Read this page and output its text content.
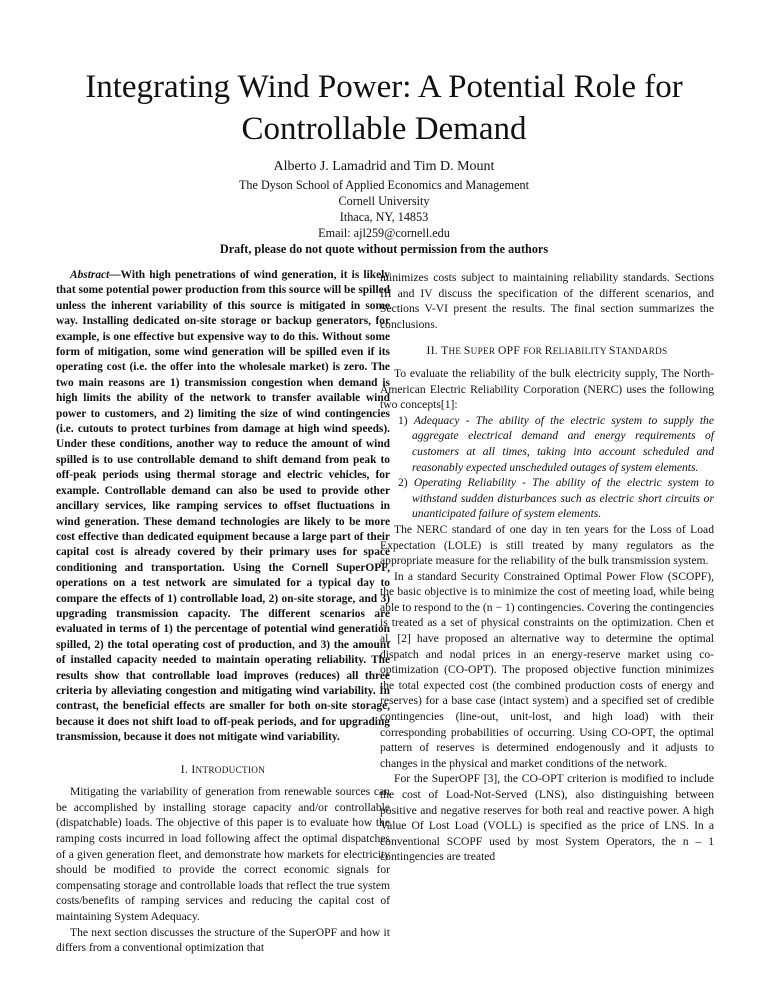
Integrating Wind Power: A Potential Role for Controllable Demand
Alberto J. Lamadrid and Tim D. Mount
The Dyson School of Applied Economics and Management
Cornell University
Ithaca, NY, 14853
Email: ajl259@cornell.edu
Draft, please do not quote without permission from the authors

Abstract—With high penetrations of wind generation, it is likely that some potential power production from this source will be spilled unless the inherent variability of this source is mitigated in some way. Installing dedicated on-site storage or backup generators, for example, is one effective but expensive way to do this. Without some form of mitigation, some wind generation will be spilled even if its operating cost (i.e. the offer into the wholesale market) is zero. The two main reasons are 1) transmission congestion when demand is high limits the ability of the network to transfer available wind power to customers, and 2) limiting the size of wind contingencies (i.e. cutouts to protect turbines from damage at high wind speeds). Under these conditions, another way to reduce the amount of wind spilled is to use controllable demand to shift demand from peak to off-peak periods using thermal storage and electric vehicles, for example. Controllable demand can also be used to provide other ancillary services, like ramping services to offset fluctuations in wind generation. These demand technologies are likely to be more cost effective than dedicated equipment because a large part of their capital cost is already covered by their primary uses for space conditioning and transportation. Using the Cornell SuperOPF, operations on a test network are simulated for a typical day to compare the effects of 1) controllable load, 2) on-site storage, and 3) upgrading transmission capacity. The different scenarios are evaluated in terms of 1) the percentage of potential wind generation spilled, 2) the total operating cost of production, and 3) the amount of installed capacity needed to maintain operating reliability. The results show that controllable load improves (reduces) all three criteria by alleviating congestion and mitigating wind variability. In contrast, the beneficial effects are smaller for both on-site storage, because it does not shift load to off-peak periods, and for upgrading transmission, because it does not mitigate wind variability.

I. INTRODUCTION

Mitigating the variability of generation from renewable sources can be accomplished by installing storage capacity and/or controllable (dispatchable) loads. The objective of this paper is to evaluate how the ramping costs incurred in load following affect the optimal dispatches of a given generation fleet, and demonstrate how markets for electricity should be modified to provide the correct economic signals for compensating storage and controllable loads that reflect the true system costs/benefits of ramping services and reducing the capital cost of maintaining System Adequacy.

The next section discusses the structure of the SuperOPF and how it differs from a conventional optimization that

minimizes costs subject to maintaining reliability standards. Sections III and IV discuss the specification of the different scenarios, and Sections V-VI present the results. The final section summarizes the conclusions.

II. THE SUPER OPF FOR RELIABILITY STANDARDS

To evaluate the reliability of the bulk electricity supply, The North-American Electric Reliability Corporation (NERC) uses the following two concepts[1]:

1) Adequacy - The ability of the electric system to supply the aggregate electrical demand and energy requirements of customers at all times, taking into account scheduled and reasonably expected unscheduled outages of system elements.
2) Operating Reliability - The ability of the electric system to withstand sudden disturbances such as electric short circuits or unanticipated failure of system elements.

The NERC standard of one day in ten years for the Loss of Load Expectation (LOLE) is still treated by many regulators as the appropriate measure for the reliability of the bulk transmission system.

In a standard Security Constrained Optimal Power Flow (SCOPF), the basic objective is to minimize the cost of meeting load, while being able to respond to the (n − 1) contingencies. Covering the contingencies is treated as a set of physical constraints on the optimization. Chen et al. [2] have proposed an alternative way to determine the optimal dispatch and nodal prices in an energy-reserve market using co-optimization (CO-OPT). The proposed objective function minimizes the total expected cost (the combined production costs of energy and reserves) for a base case (intact system) and a specified set of credible contingencies (line-out, unit-lost, and high load) with their corresponding probabilities of occurring. Using CO-OPT, the optimal pattern of reserves is determined endogenously and it adjusts to changes in the physical and market conditions of the network.

For the SuperOPF [3], the CO-OPT criterion is modified to include the cost of Load-Not-Served (LNS), also distinguishing between positive and negative reserves for both real and reactive power. A high Value Of Lost Load (VOLL) is specified as the price of LNS. In a conventional SCOPF used by most System Operators, the n – 1 contingencies are treated
